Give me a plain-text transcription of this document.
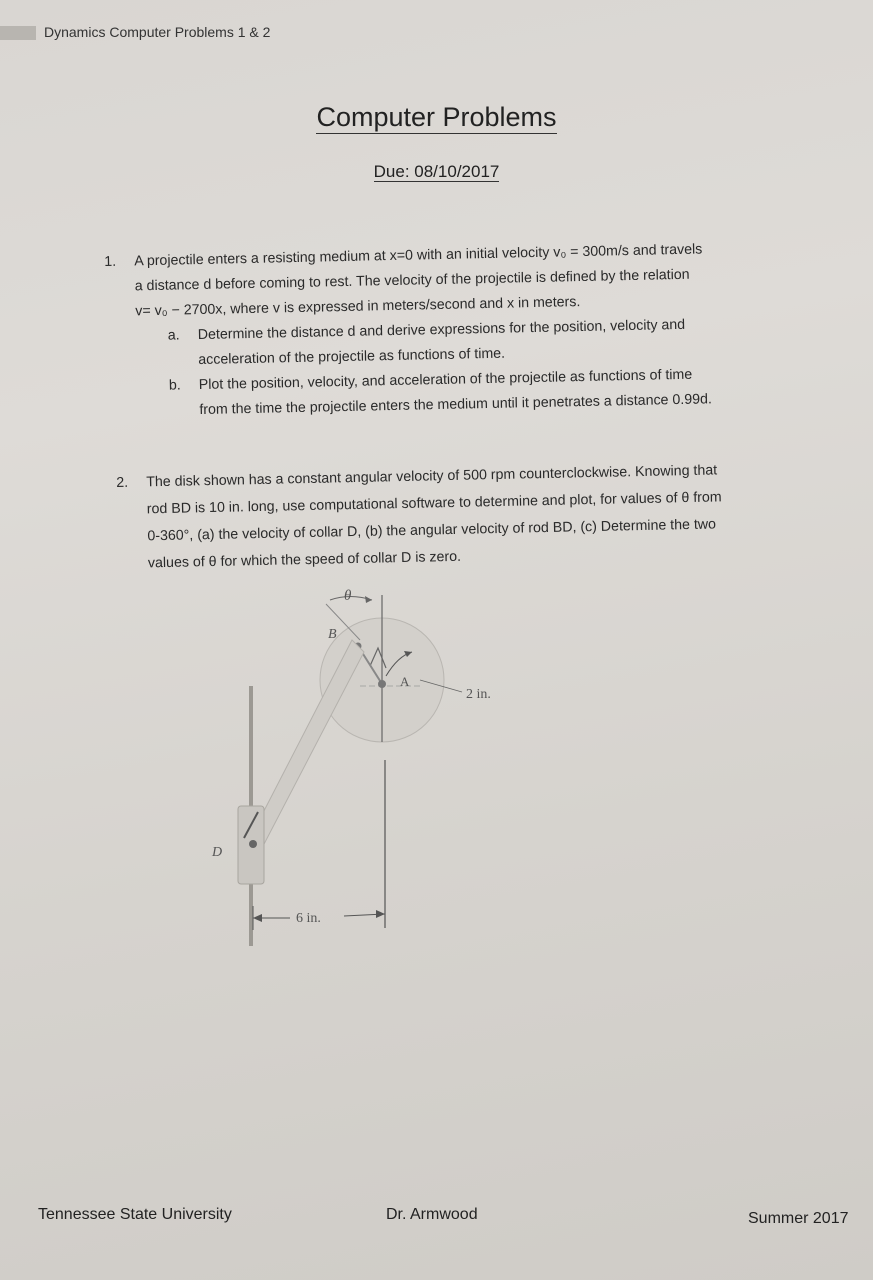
Dynamics Computer Problems 1 & 2
Computer Problems
Due: 08/10/2017
1. A projectile enters a resisting medium at x=0 with an initial velocity v₀ = 300m/s and travels
a distance d before coming to rest. The velocity of the projectile is defined by the relation
v= v₀ − 2700x, where v is expressed in meters/second and x in meters.
a. Determine the distance d and derive expressions for the position, velocity and
acceleration of the projectile as functions of time.
b. Plot the position, velocity, and acceleration of the projectile as functions of time
from the time the projectile enters the medium until it penetrates a distance 0.99d.
2. The disk shown has a constant angular velocity of 500 rpm counterclockwise. Knowing that
rod BD is 10 in. long, use computational software to determine and plot, for values of θ from
0-360°, (a) the velocity of collar D, (b) the angular velocity of rod BD, (c) Determine the two
values of θ for which the speed of collar D is zero.
θ
B
A
2 in.
D
6 in.
Tennessee State University	Dr. Armwood	Summer 2017
